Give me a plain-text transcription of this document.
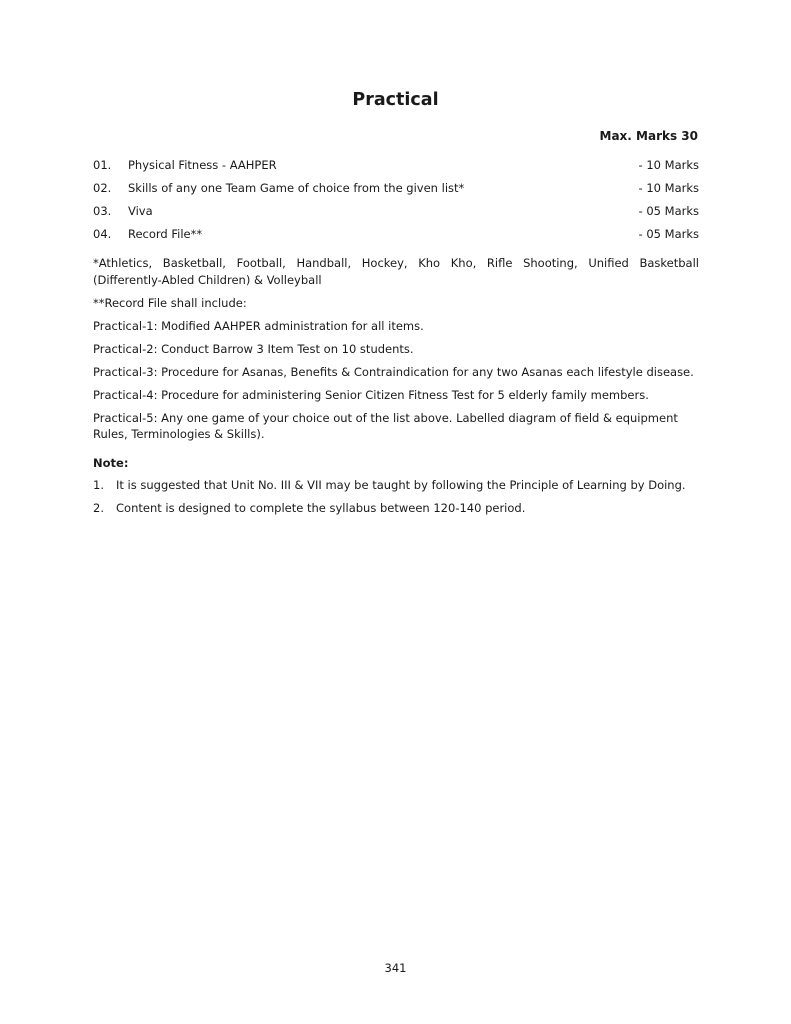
Practical
Max. Marks 30
01.	Physical Fitness - AAHPER	- 10 Marks
02.	Skills of any one Team Game of choice from the given list*	- 10 Marks
03.	Viva	- 05 Marks
04.	Record File**	- 05 Marks

*Athletics, Basketball, Football, Handball, Hockey, Kho Kho, Rifle Shooting, Unified Basketball (Differently-Abled Children) & Volleyball

**Record File shall include:

Practical-1: Modified AAHPER administration for all items.

Practical-2: Conduct Barrow 3 Item Test on 10 students.

Practical-3: Procedure for Asanas, Benefits & Contraindication for any two Asanas each lifestyle disease.

Practical-4: Procedure for administering Senior Citizen Fitness Test for 5 elderly family members.

Practical-5: Any one game of your choice out of the list above. Labelled diagram of field & equipment Rules, Terminologies & Skills).

Note:

1.	It is suggested that Unit No. III & VII may be taught by following the Principle of Learning by Doing.
2.	Content is designed to complete the syllabus between 120-140 period.
341
